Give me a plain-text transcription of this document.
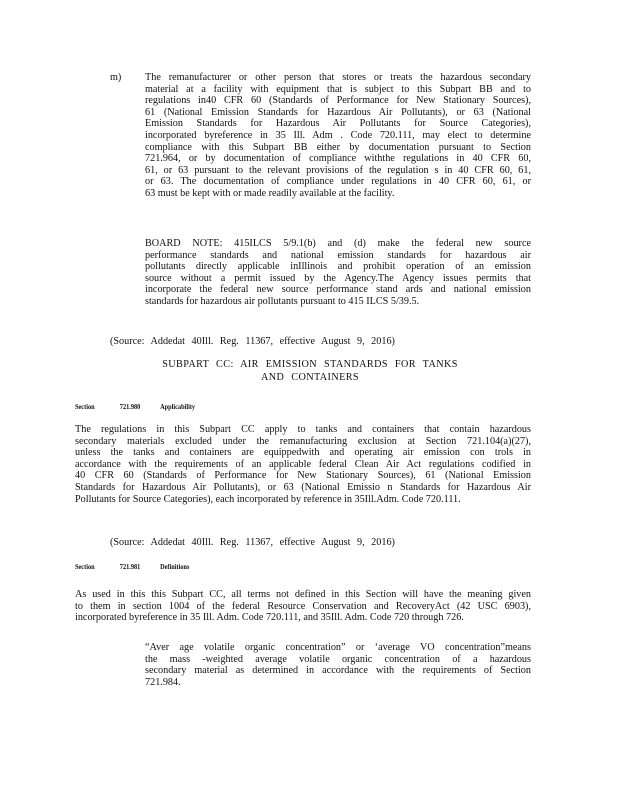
m) The remanufacturer or other person that stores or treats the hazardous secondary
material at a facility with equipment that is subject to this Subpart BB and to
regulations in40 CFR 60 (Standards of Performance for New Stationary Sources),
61 (National Emission Standards for Hazardous Air Pollutants), or 63 (National
Emission Standards for Hazardous Air Pollutants for Source Categories),
incorporated byreference in 35 Ill. Adm . Code 720.111, may elect to determine
compliance with this Subpart BB either by documentation pursuant to Section
721.964, or by documentation of compliance withthe regulations in 40 CFR 60,
61, or 63 pursuant to the relevant provisions of the regulation s in 40 CFR 60, 61,
or 63. The documentation of compliance under regulations in 40 CFR 60, 61, or
63 must be kept with or made readily available at the facility.
BOARD NOTE: 415ILCS 5/9.1(b) and (d) make the federal new source
performance standards and national emission standards for hazardous air
pollutants directly applicable inIllinois and prohibit operation of an emission
source without a permit issued by the Agency.The Agency issues permits that
incorporate the federal new source performance stand ards and national emission
standards for hazardous air pollutants pursuant to 415 ILCS 5/39.5.
(Source: Addedat 40Ill. Reg. 11367, effective August 9, 2016)
SUBPART CC: AIR EMISSION STANDARDS FOR TANKS
AND CONTAINERS
Section	721.980	Applicability
The regulations in this Subpart CC apply to tanks and containers that contain hazardous
secondary materials excluded under the remanufacturing exclusion at Section 721.104(a)(27),
unless the tanks and containers are equippedwith and operating air emission con trols in
accordance with the requirements of an applicable federal Clean Air Act regulations codified in
40 CFR 60 (Standards of Performance for New Stationary Sources), 61 (National Emission
Standards for Hazardous Air Pollutants), or 63 (National Emissio n Standards for Hazardous Air
Pollutants for Source Categories), each incorporated by reference in 35Ill.Adm. Code 720.111.
(Source: Addedat 40Ill. Reg. 11367, effective August 9, 2016)
Section	721.981	Definitions
As used in this this Subpart CC, all terms not defined in this Section will have the meaning given
to them in section 1004 of the federal Resource Conservation and RecoveryAct (42 USC 6903),
incorporated byreference in 35 Ill. Adm. Code 720.111, and 35Ill. Adm. Code 720 through 726.
“Aver age volatile organic concentration” or ‘average VO concentration”means
the mass -weighted average volatile organic concentration of a hazardous
secondary material as determined in accordance with the requirements of Section
721.984.
